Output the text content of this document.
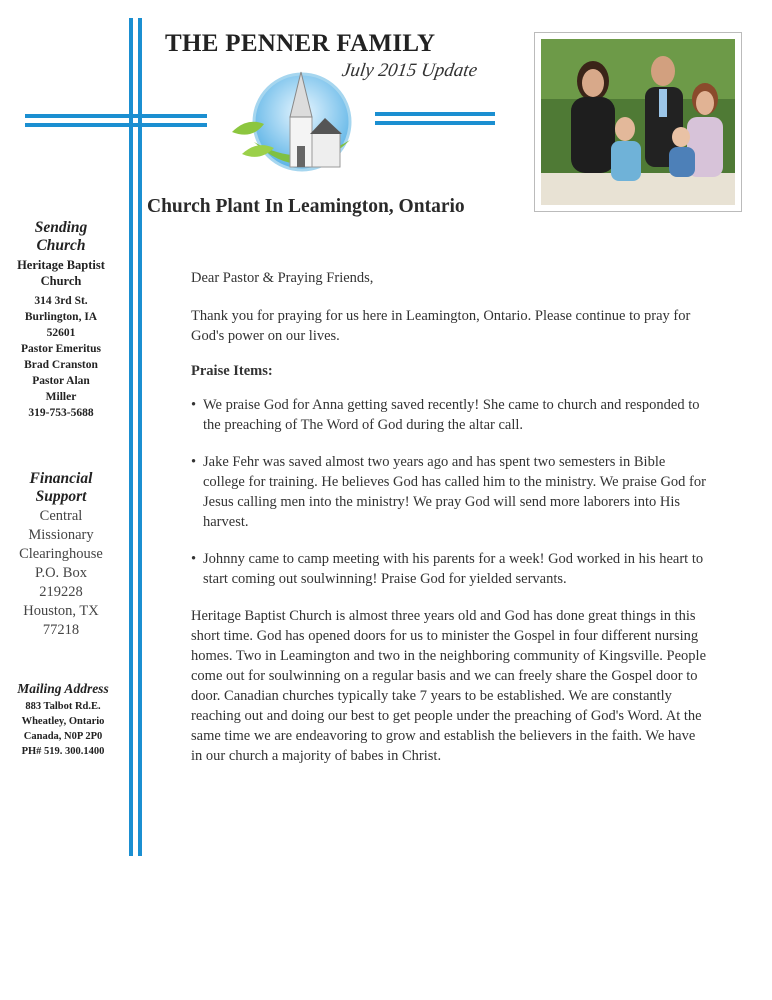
THE PENNER FAMILY
July 2015 Update
Church Plant In Leamington, Ontario
Sending
Church
Heritage Baptist
Church
314 3rd St.
Burlington, IA
52601
Pastor Emeritus
Brad Cranston
Pastor Alan
Miller
319-753-5688
Financial
Support
Central
Missionary
Clearinghouse
P.O. Box
219228
Houston, TX
77218
Mailing Address
883 Talbot Rd.E.
Wheatley, Ontario
Canada, N0P 2P0
PH# 519. 300.1400

Dear Pastor & Praying Friends,

Thank you for praying for us here in Leamington, Ontario. Please continue to pray for God's power on our lives.

Praise Items:

• We praise God for Anna getting saved recently! She came to church and responded to the preaching of The Word of God during the altar call.
• Jake Fehr was saved almost two years ago and has spent two semesters in Bible college for training. He believes God has called him to the ministry. We praise God for Jesus calling men into the ministry! We pray God will send more laborers into His harvest.
• Johnny came to camp meeting with his parents for a week! God worked in his heart to start coming out soulwinning! Praise God for yielded servants.

Heritage Baptist Church is almost three years old and God has done great things in this short time. God has opened doors for us to minister the Gospel in four different nursing homes. Two in Leamington and two in the neighboring community of Kingsville. People come out for soulwinning on a regular basis and we can freely share the Gospel door to door. Canadian churches typically take 7 years to be established. We are constantly reaching out and doing our best to get people under the preaching of God's Word. At the same time we are endeavoring to grow and establish the believers in the faith. We have in our church a majority of babes in Christ.
